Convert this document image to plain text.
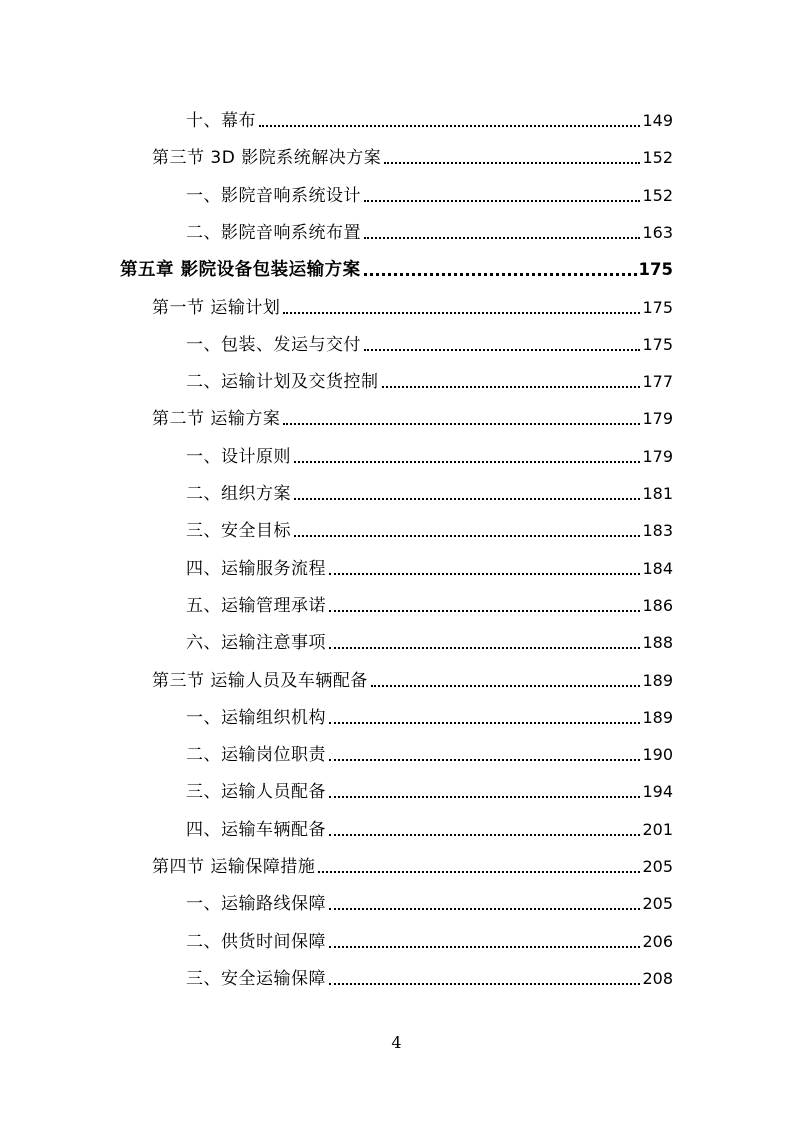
十、幕布	149
第三节 3D 影院系统解决方案	152
一、影院音响系统设计	152
二、影院音响系统布置	163
第五章 影院设备包装运输方案	175
第一节 运输计划	175
一、包装、发运与交付	175
二、运输计划及交货控制	177
第二节 运输方案	179
一、设计原则	179
二、组织方案	181
三、安全目标	183
四、运输服务流程	184
五、运输管理承诺	186
六、运输注意事项	188
第三节 运输人员及车辆配备	189
一、运输组织机构	189
二、运输岗位职责	190
三、运输人员配备	194
四、运输车辆配备	201
第四节 运输保障措施	205
一、运输路线保障	205
二、供货时间保障	206
三、安全运输保障	208
4
